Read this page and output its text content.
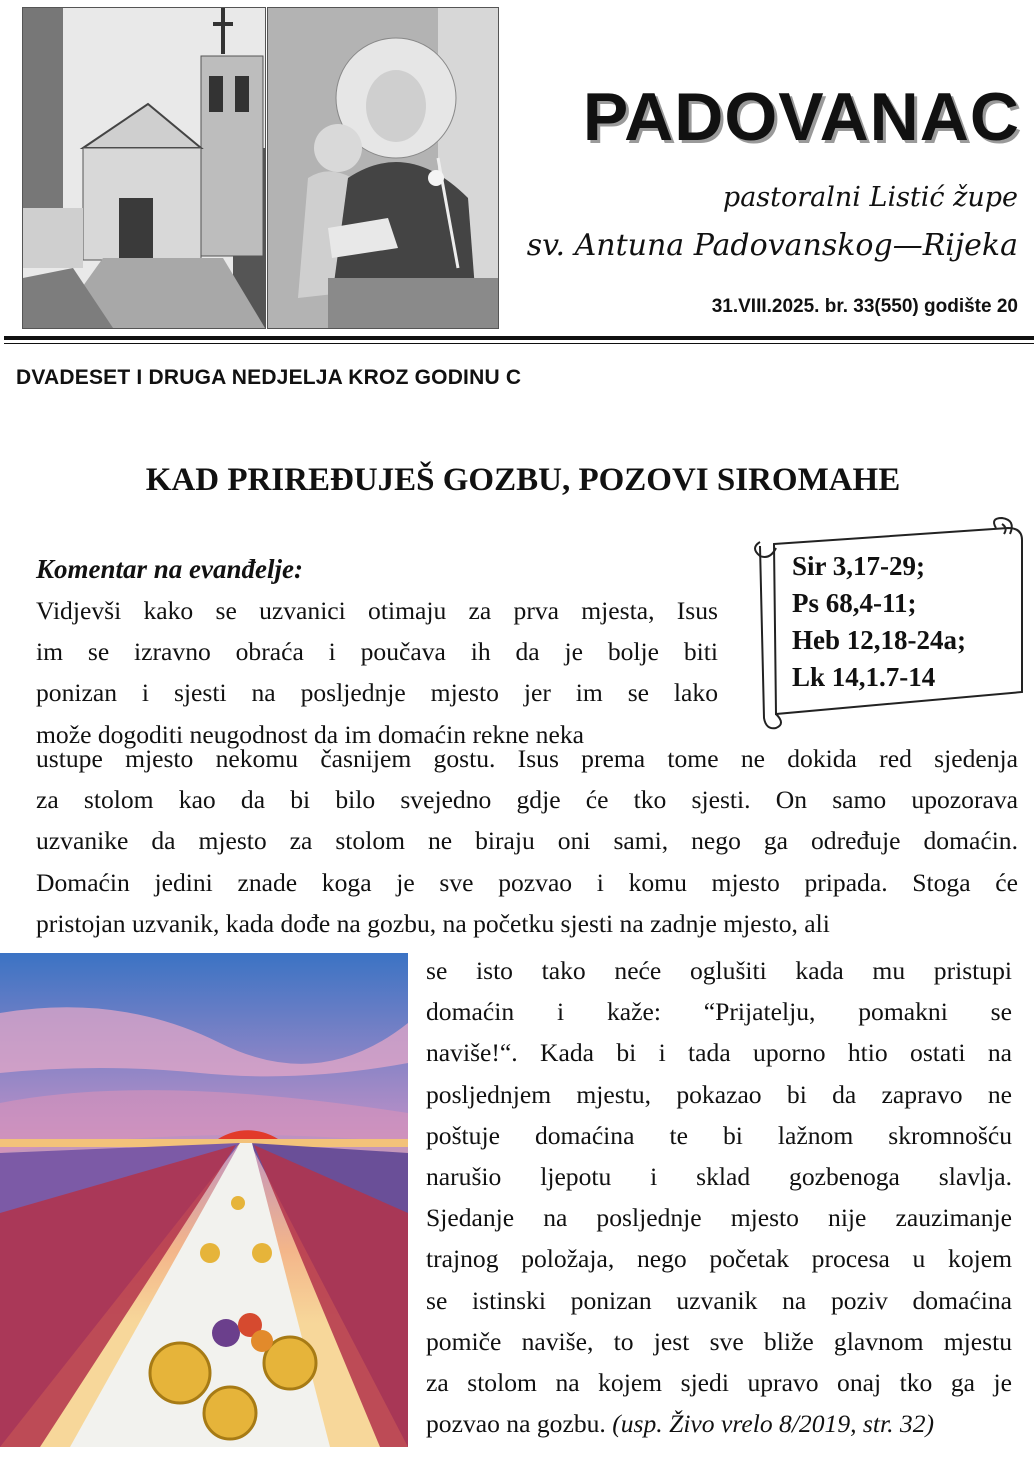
PADOVANAC
pastoralni Listić župe
sv. Antuna Padovanskog—Rijeka
31.VIII.2025. br. 33(550) godište 20
DVADESET I DRUGA NEDJELJA KROZ GODINU C
KAD PRIREĐUJEŠ GOZBU, POZOVI SIROMAHE
Komentar na evanđelje:	Sir 3,17-29;
Ps 68,4-11;
Heb 12,18-24a;
Lk 14,1.7-14
Vidjevši kako se uzvanici otimaju za prva mjesta, Isus
im se izravno obraća i poučava ih da je bolje biti
ponizan i sjesti na posljednje mjesto jer im se lako
može dogoditi neugodnost da im domaćin rekne neka
ustupe mjesto nekomu časnijem gostu. Isus prema tome ne dokida red sjedenja
za stolom kao da bi bilo svejedno gdje će tko sjesti. On samo upozorava
uzvanike da mjesto za stolom ne biraju oni sami, nego ga određuje domaćin.
Domaćin jedini znade koga je sve pozvao i komu mjesto pripada. Stoga će
pristojan uzvanik, kada dođe na gozbu, na početku sjesti na zadnje mjesto, ali
se isto tako neće oglušiti kada mu pristupi
domaćin i kaže: “Prijatelju, pomakni se
naviše!“. Kada bi i tada uporno htio ostati na
posljednjem mjestu, pokazao bi da zapravo ne
poštuje domaćina te bi lažnom skromnošću
narušio ljepotu i sklad gozbenoga slavlja.
Sjedanje na posljednje mjesto nije zauzimanje
trajnog položaja, nego početak procesa u kojem
se istinski ponizan uzvanik na poziv domaćina
pomiče naviše, to jest sve bliže glavnom mjestu
za stolom na kojem sjedi upravo onaj tko ga je
pozvao na gozbu. (usp. Živo vrelo 8/2019, str. 32)
